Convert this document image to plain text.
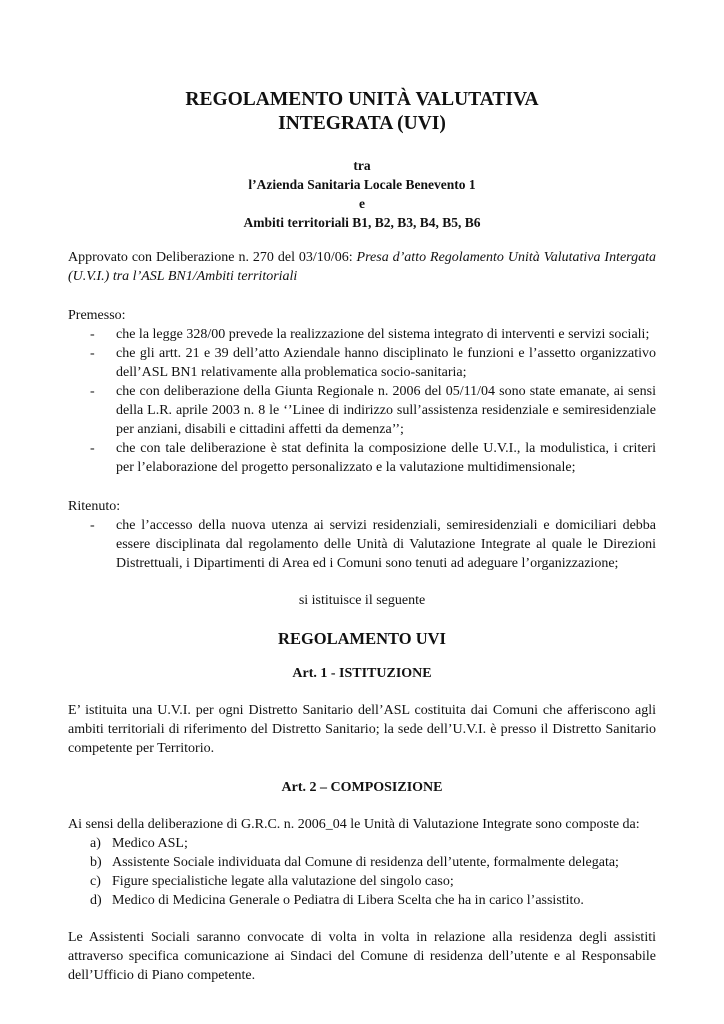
REGOLAMENTO UNITÀ VALUTATIVA
INTEGRATA (UVI)
tra
l’Azienda Sanitaria Locale Benevento 1
e
Ambiti territoriali B1, B2, B3, B4, B5, B6

Approvato con Deliberazione n. 270 del 03/10/06: Presa d’atto Regolamento Unità Valutativa Intergata (U.V.I.) tra l’ASL BN1/Ambiti territoriali

Premesso:

- che la legge 328/00 prevede la realizzazione del sistema integrato di interventi e servizi sociali;
- che gli artt. 21 e 39 dell’atto Aziendale hanno disciplinato le funzioni e l’assetto organizzativo dell’ASL BN1 relativamente alla problematica socio-sanitaria;
- che con deliberazione della Giunta Regionale n. 2006 del 05/11/04 sono state emanate, ai sensi della L.R. aprile 2003 n. 8 le ‘’Linee di indirizzo sull’assistenza residenziale e semiresidenziale per anziani, disabili e cittadini affetti da demenza’’;
- che con tale deliberazione è stat definita la composizione delle U.V.I., la modulistica, i criteri per l’elaborazione del progetto personalizzato e la valutazione multidimensionale;

Ritenuto:

- che l’accesso della nuova utenza ai servizi residenziali, semiresidenziali e domiciliari debba essere disciplinata dal regolamento delle Unità di Valutazione Integrate al quale le Direzioni Distrettuali, i Dipartimenti di Area ed i Comuni sono tenuti ad adeguare l’organizzazione;

si istituisce il seguente

REGOLAMENTO UVI
Art. 1 - ISTITUZIONE

E’ istituita una U.V.I. per ogni Distretto Sanitario dell’ASL costituita dai Comuni che afferiscono agli ambiti territoriali di riferimento del Distretto Sanitario; la sede dell’U.V.I. è presso il Distretto Sanitario competente per Territorio.

Art. 2 – COMPOSIZIONE

Ai sensi della deliberazione di G.R.C. n. 2006_04 le Unità di Valutazione Integrate sono composte da:

a) Medico ASL;
b) Assistente Sociale individuata dal Comune di residenza dell’utente, formalmente delegata;
c) Figure specialistiche legate alla valutazione del singolo caso;
d) Medico di Medicina Generale o Pediatra di Libera Scelta che ha in carico l’assistito.

Le Assistenti Sociali saranno convocate di volta in volta in relazione alla residenza degli assistiti attraverso specifica comunicazione ai Sindaci del Comune di residenza dell’utente e al Responsabile dell’Ufficio di Piano competente.
